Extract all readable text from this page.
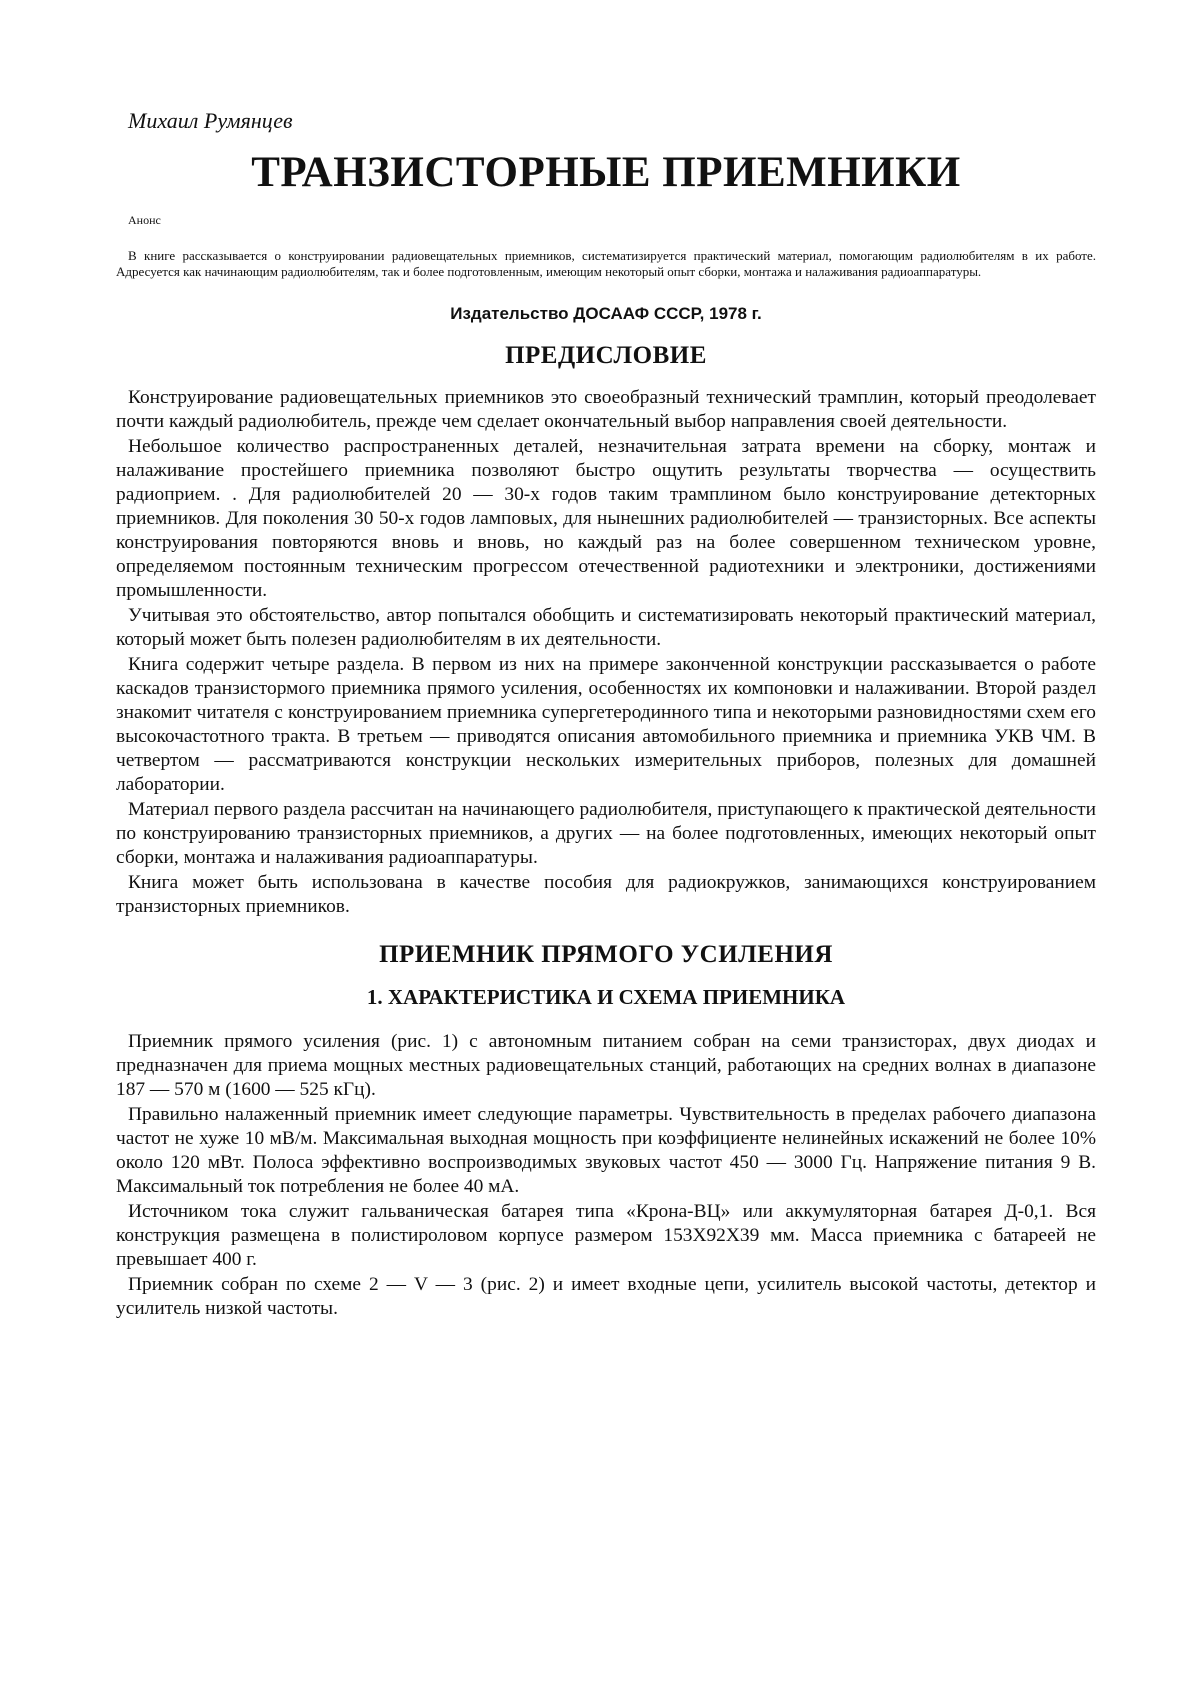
Михаил Румянцев
ТРАНЗИСТОРНЫЕ ПРИЕМНИКИ
Анонс

В книге рассказывается о конструировании радиовещательных приемников, систематизируется практический материал, помогающим радиолюбителям в их работе. Адресуется как начинающим радиолюбителям, так и более подготовленным, имеющим некоторый опыт сборки, монтажа и налаживания радиоаппаратуры.

Издательство ДОСААФ СССР, 1978 г.
ПРЕДИСЛОВИЕ

Конструирование радиовещательных приемников это своеобразный технический трамплин, который преодолевает почти каждый радиолюбитель, прежде чем сделает окончательный выбор направления своей деятельности.

Небольшое количество распространенных деталей, незначительная затрата времени на сборку, монтаж и налаживание простейшего приемника позволяют быстро ощутить результаты творчества — осуществить радиоприем. . Для радиолюбителей 20 — 30-х годов таким трамплином было конструирование детекторных приемников. Для поколения 30 50-х годов ламповых, для нынешних радиолюбителей — транзисторных. Все аспекты конструирования повторяются вновь и вновь, но каждый раз на более совершенном техническом уровне, определяемом постоянным техническим прогрессом отечественной радиотехники и электроники, достижениями промышленности.

Учитывая это обстоятельство, автор попытался обобщить и систематизировать некоторый практический материал, который может быть полезен радиолюбителям в их деятельности.

Книга содержит четыре раздела. В первом из них на примере законченной конструкции рассказывается о работе каскадов транзистормого приемника прямого усиления, особенностях их компоновки и налаживании. Второй раздел знакомит читателя с конструированием приемника супергетеродинного типа и некоторыми разновидностями схем его высокочастотного тракта. В третьем — приводятся описания автомобильного приемника и приемника УКВ ЧМ. В четвертом — рассматриваются конструкции нескольких измерительных приборов, полезных для домашней лаборатории.

Материал первого раздела рассчитан на начинающего радиолюбителя, приступающего к практической деятельности по конструированию транзисторных приемников, а других — на более подготовленных, имеющих некоторый опыт сборки, монтажа и налаживания радиоаппаратуры.

Книга может быть использована в качестве пособия для радиокружков, занимающихся конструированием транзисторных приемников.

ПРИЕМНИК ПРЯМОГО УСИЛЕНИЯ
1. ХАРАКТЕРИСТИКА И СХЕМА ПРИЕМНИКА

Приемник прямого усиления (рис. 1) с автономным питанием собран на семи транзисторах, двух диодах и предназначен для приема мощных местных радиовещательных станций, работающих на средних волнах в диапазоне 187 — 570 м (1600 — 525 кГц).

Правильно налаженный приемник имеет следующие параметры. Чувствительность в пределах рабочего диапазона частот не хуже 10 мВ/м. Максимальная выходная мощность при коэффициенте нелинейных искажений не более 10% около 120 мВт. Полоса эффективно воспроизводимых звуковых частот 450 — 3000 Гц. Напряжение питания 9 В. Максимальный ток потребления не более 40 мА.

Источником тока служит гальваническая батарея типа «Крона-ВЦ» или аккумуляторная батарея Д-0,1. Вся конструкция размещена в полистироловом корпусе размером 153Х92Х39 мм. Масса приемника с батареей не превышает 400 г.

Приемник собран по схеме 2 — V — 3 (рис. 2) и имеет входные цепи, усилитель высокой частоты, детектор и усилитель низкой частоты.
